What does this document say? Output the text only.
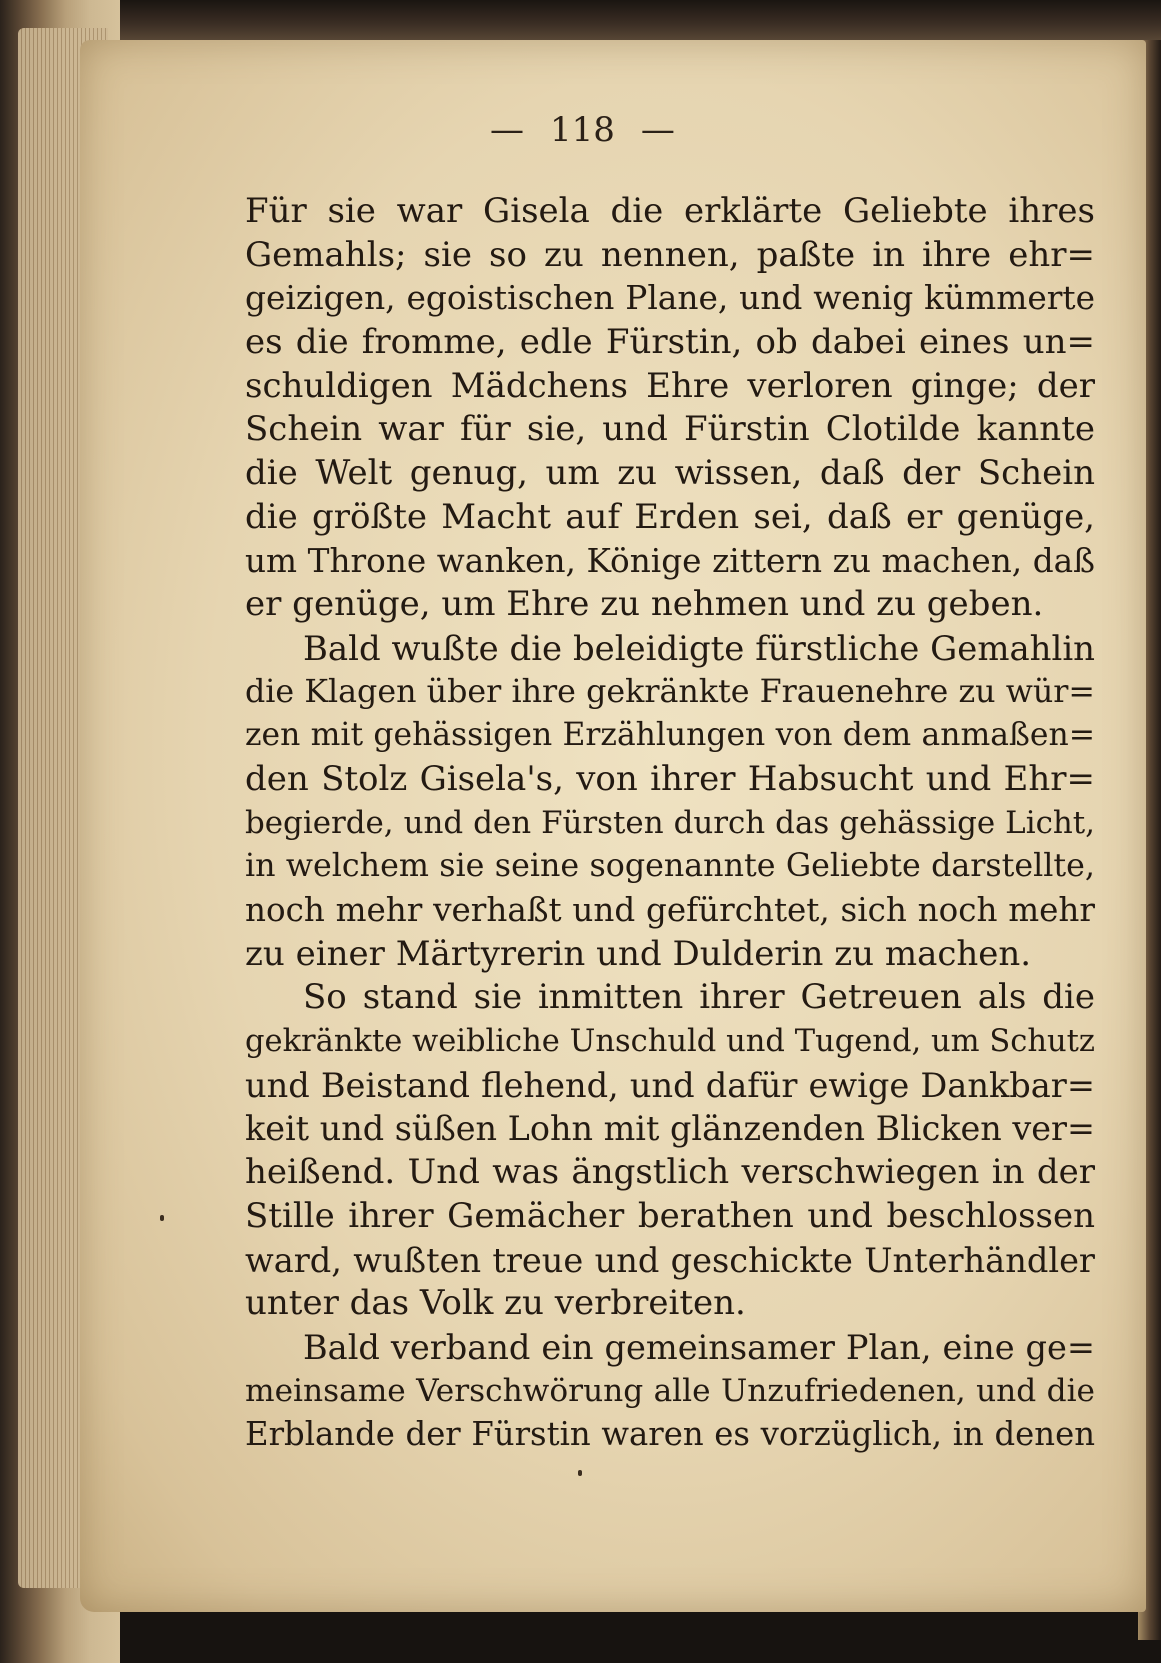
— 118 —
Für sie war Gisela die erklärte Geliebte ihres
Gemahls; sie so zu nennen, paßte in ihre ehr=
geizigen, egoistischen Plane, und wenig kümmerte
es die fromme, edle Fürstin, ob dabei eines un=
schuldigen Mädchens Ehre verloren ginge; der
Schein war für sie, und Fürstin Clotilde kannte
die Welt genug, um zu wissen, daß der Schein
die größte Macht auf Erden sei, daß er genüge,
um Throne wanken, Könige zittern zu machen, daß
er genüge, um Ehre zu nehmen und zu geben.
Bald wußte die beleidigte fürstliche Gemahlin
die Klagen über ihre gekränkte Frauenehre zu wür=
zen mit gehässigen Erzählungen von dem anmaßen=
den Stolz Gisela's, von ihrer Habsucht und Ehr=
begierde, und den Fürsten durch das gehässige Licht,
in welchem sie seine sogenannte Geliebte darstellte,
noch mehr verhaßt und gefürchtet, sich noch mehr
zu einer Märtyrerin und Dulderin zu machen.
So stand sie inmitten ihrer Getreuen als die
gekränkte weibliche Unschuld und Tugend, um Schutz
und Beistand flehend, und dafür ewige Dankbar=
keit und süßen Lohn mit glänzenden Blicken ver=
heißend. Und was ängstlich verschwiegen in der
Stille ihrer Gemächer berathen und beschlossen
ward, wußten treue und geschickte Unterhändler
unter das Volk zu verbreiten.
Bald verband ein gemeinsamer Plan, eine ge=
meinsame Verschwörung alle Unzufriedenen, und die
Erblande der Fürstin waren es vorzüglich, in denen
